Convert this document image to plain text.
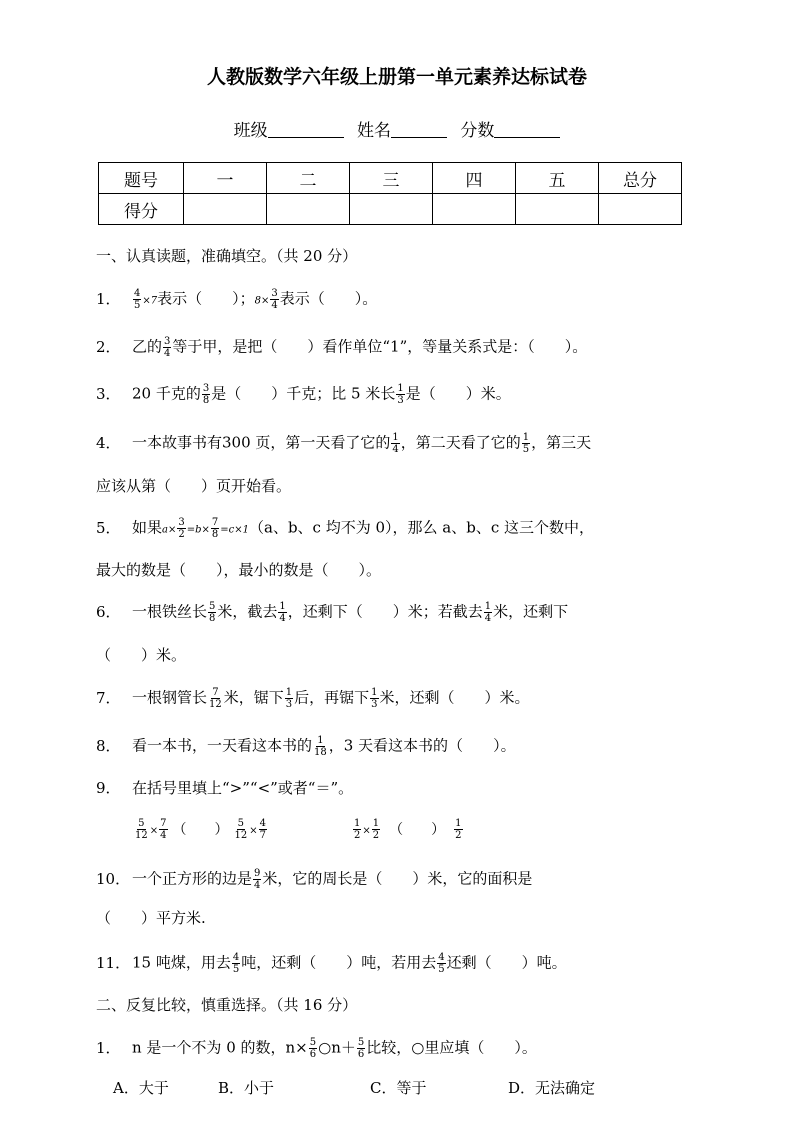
人教版数学六年级上册第一单元素养达标试卷
班级	姓名	分数
题号	一	二	三	四	五	总分
得分						
一、认真读题，准确填空。（共 20 分）
1． $\frac{4}{5} \times 7$表示（　　）；$8\times \frac{3}{4}$ 表示（　　）。
2． 乙的 $\frac{3}{4}$ 等于甲，是把（　　）看作单位“1”，等量关系式是：（　　）。
3． 20 千克的 $\frac{3}{8}$ 是（　　）千克；比 5 米长 $\frac{1}{3}$ 是（　　）米。
4． 一本故事书有300 页，第一天看了它的 $\frac{1}{4}$ ，第二天看了它的 $\frac{1}{5}$ ，第三天
应该从第（　　）页开始看。
5． 如果$a\times \frac{3}{2} =b\times \frac{7}{8} =c\times 1(a$、b、c 均不为 0），那么 a、b、c 这三个数中，
最大的数是（　　），最小的数是（　　）。
6． 一根铁丝长 $\frac{5}{8}$ 米，截去 $\frac{1}{4}$ ，还剩下（　　）米；若截去 $\frac{1}{4}$ 米，还剩下
（　　）米。
7． 一根钢管长 $\frac{7}{12}$ 米，锯下 $\frac{1}{3}$ 后，再锯下 $\frac{1}{3}$ 米，还剩（　　）米。
8． 看一本书，一天看这本书的 $\frac{1}{18}$ ，3 天看这本书的（　　）。
9． 在括号里填上“>”“<”或者“＝”。
$\frac{5}{12} \times \frac{7}{4}$ （　　） $\frac{5}{12} \times \frac{4}{7}$	$\frac{1}{2} \times \frac{1}{2}$ （　　） $\frac{1}{2}$
10． 一个正方形的边是 $\frac{9}{4}$ 米，它的周长是（　　）米，它的面积是
（　　）平方米.
11． 15 吨煤，用去 $\frac{4}{5}$ 吨，还剩（　　）吨，若用去 $\frac{4}{5}$ 还剩（　　）吨。
二、反复比较，慎重选择。（共 16 分）
1． n 是一个不为 0 的数，$n\times \frac{5}{6}$ ○n＋ $\frac{5}{6}$ 比较，○里应填（　　）。
A．大于	B．小于	C．等于	D．无法确定
